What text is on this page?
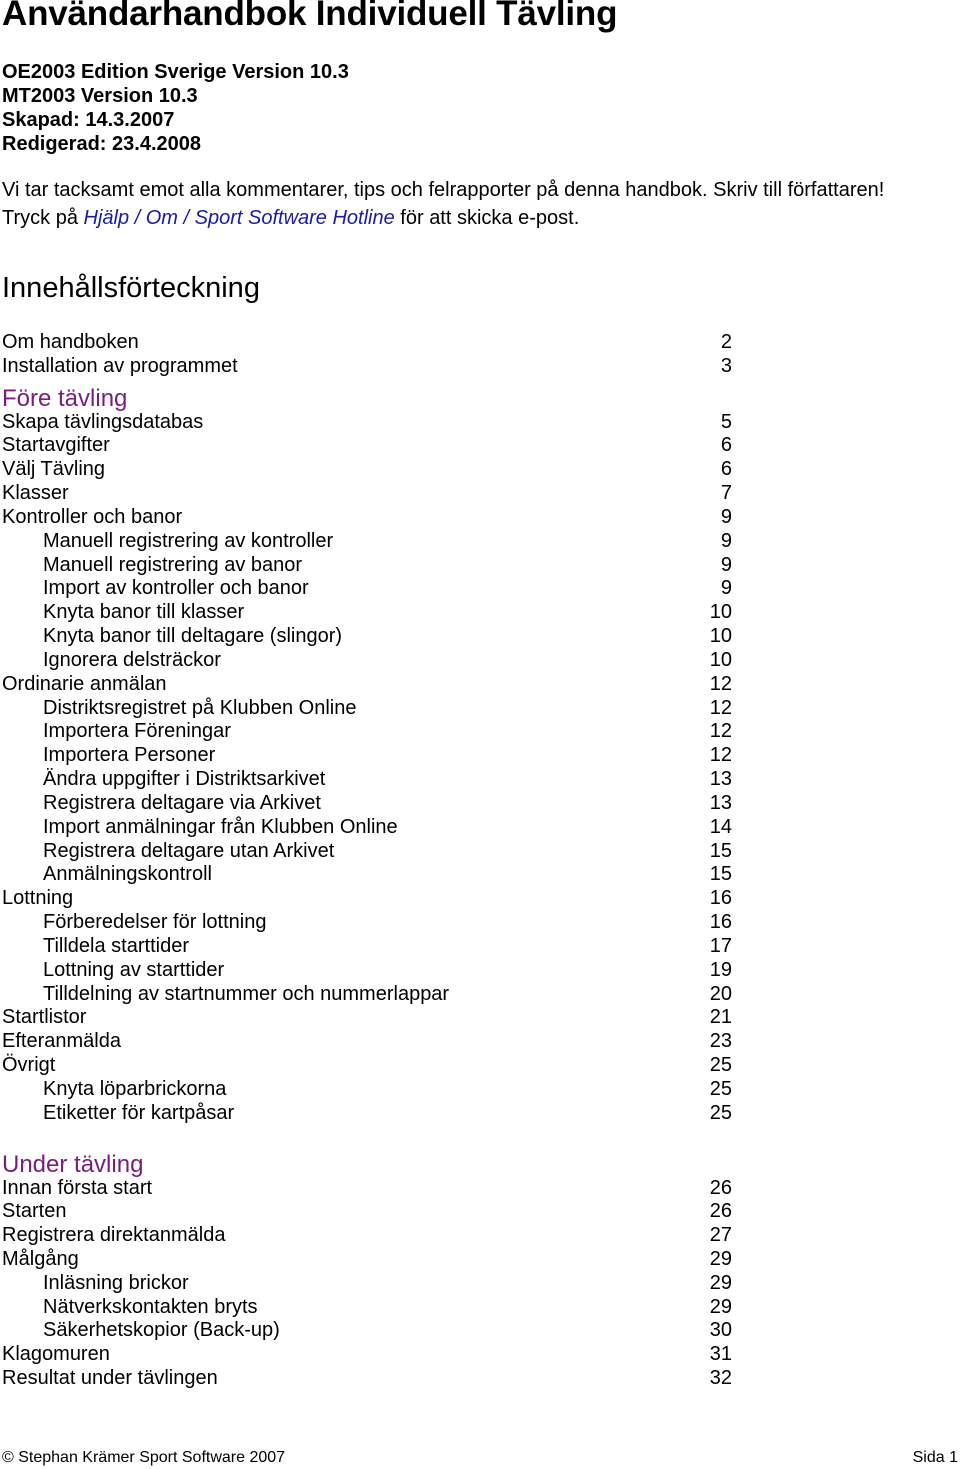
Användarhandbok Individuell Tävling
OE2003 Edition Sverige Version 10.3
MT2003 Version 10.3
Skapad: 14.3.2007
Redigerad: 23.4.2008
Vi tar tacksamt emot alla kommentarer, tips och felrapporter på denna handbok. Skriv till författaren!
Tryck på Hjälp / Om / Sport Software Hotline för att skicka e-post.
Innehållsförteckning
Om handboken	2
Installation av programmet	3
Före tävling
Skapa tävlingsdatabas	5
Startavgifter	6
Välj Tävling	6
Klasser	7
Kontroller och banor	9
Manuell registrering av kontroller	9
Manuell registrering av banor	9
Import av kontroller och banor	9
Knyta banor till klasser	10
Knyta banor till deltagare (slingor)	10
Ignorera delsträckor	10
Ordinarie anmälan	12
Distriktsregistret på Klubben Online	12
Importera Föreningar	12
Importera Personer	12
Ändra uppgifter i Distriktsarkivet	13
Registrera deltagare via Arkivet	13
Import anmälningar från Klubben Online	14
Registrera deltagare utan Arkivet	15
Anmälningskontroll	15
Lottning	16
Förberedelser för lottning	16
Tilldela starttider	17
Lottning av starttider	19
Tilldelning av startnummer och nummerlappar	20
Startlistor	21
Efteranmälda	23
Övrigt	25
Knyta löparbrickorna	25
Etiketter för kartpåsar	25
Under tävling
Innan första start	26
Starten	26
Registrera direktanmälda	27
Målgång	29
Inläsning brickor	29
Nätverkskontakten bryts	29
Säkerhetskopior (Back-up)	30
Klagomuren	31
Resultat under tävlingen	32
© Stephan Krämer Sport Software 2007	Sida 1
